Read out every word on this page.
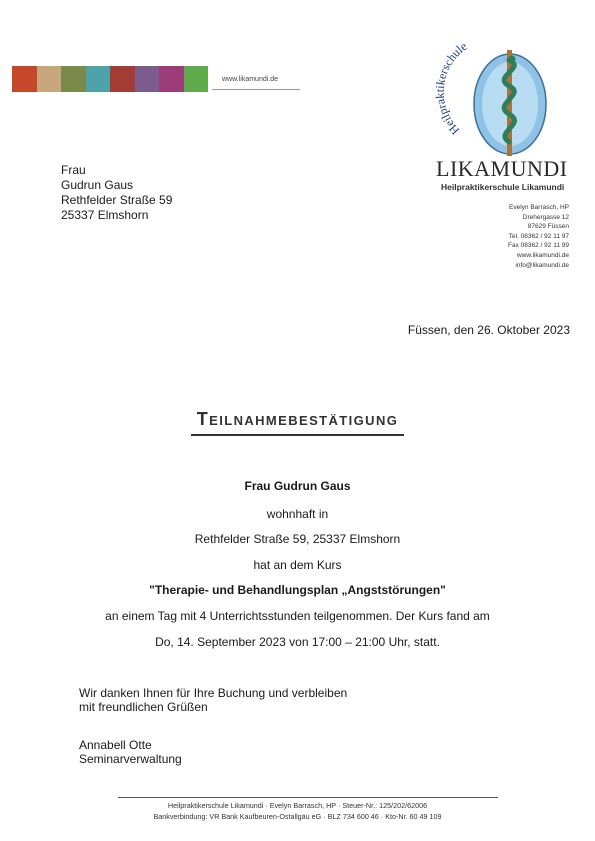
www.likamundi.de
Heilpraktikerschule
LIKAMUNDI
Heilpraktikerschule Likamundi
Evelyn Barrasch, HP
Drehergasse 12
87629 Füssen
Tel. 08362 / 92 11 97
Fax 08362 / 92 11 99
www.likamundi.de
info@likamundi.de
Frau
Gudrun Gaus
Rethfelder Straße 59
25337 Elmshorn
Füssen, den 26. Oktober 2023
Teilnahmebestätigung
Frau Gudrun Gaus
wohnhaft in
Rethfelder Straße 59, 25337 Elmshorn
hat an dem Kurs
"Therapie- und Behandlungsplan „Angststörungen"
an einem Tag mit 4 Unterrichtsstunden teilgenommen. Der Kurs fand am
Do, 14. September 2023 von 17:00 – 21:00 Uhr, statt.
Wir danken Ihnen für Ihre Buchung und verbleiben
mit freundlichen Grüßen
Annabell Otte
Seminarverwaltung
Heilpraktikerschule Likamundi · Evelyn Barrasch, HP · Steuer-Nr.: 125/202/62006
Bankverbindung: VR Bank Kaufbeuren-Ostallgäu eG · BLZ 734 600 46 · Kto-Nr. 60 49 109
